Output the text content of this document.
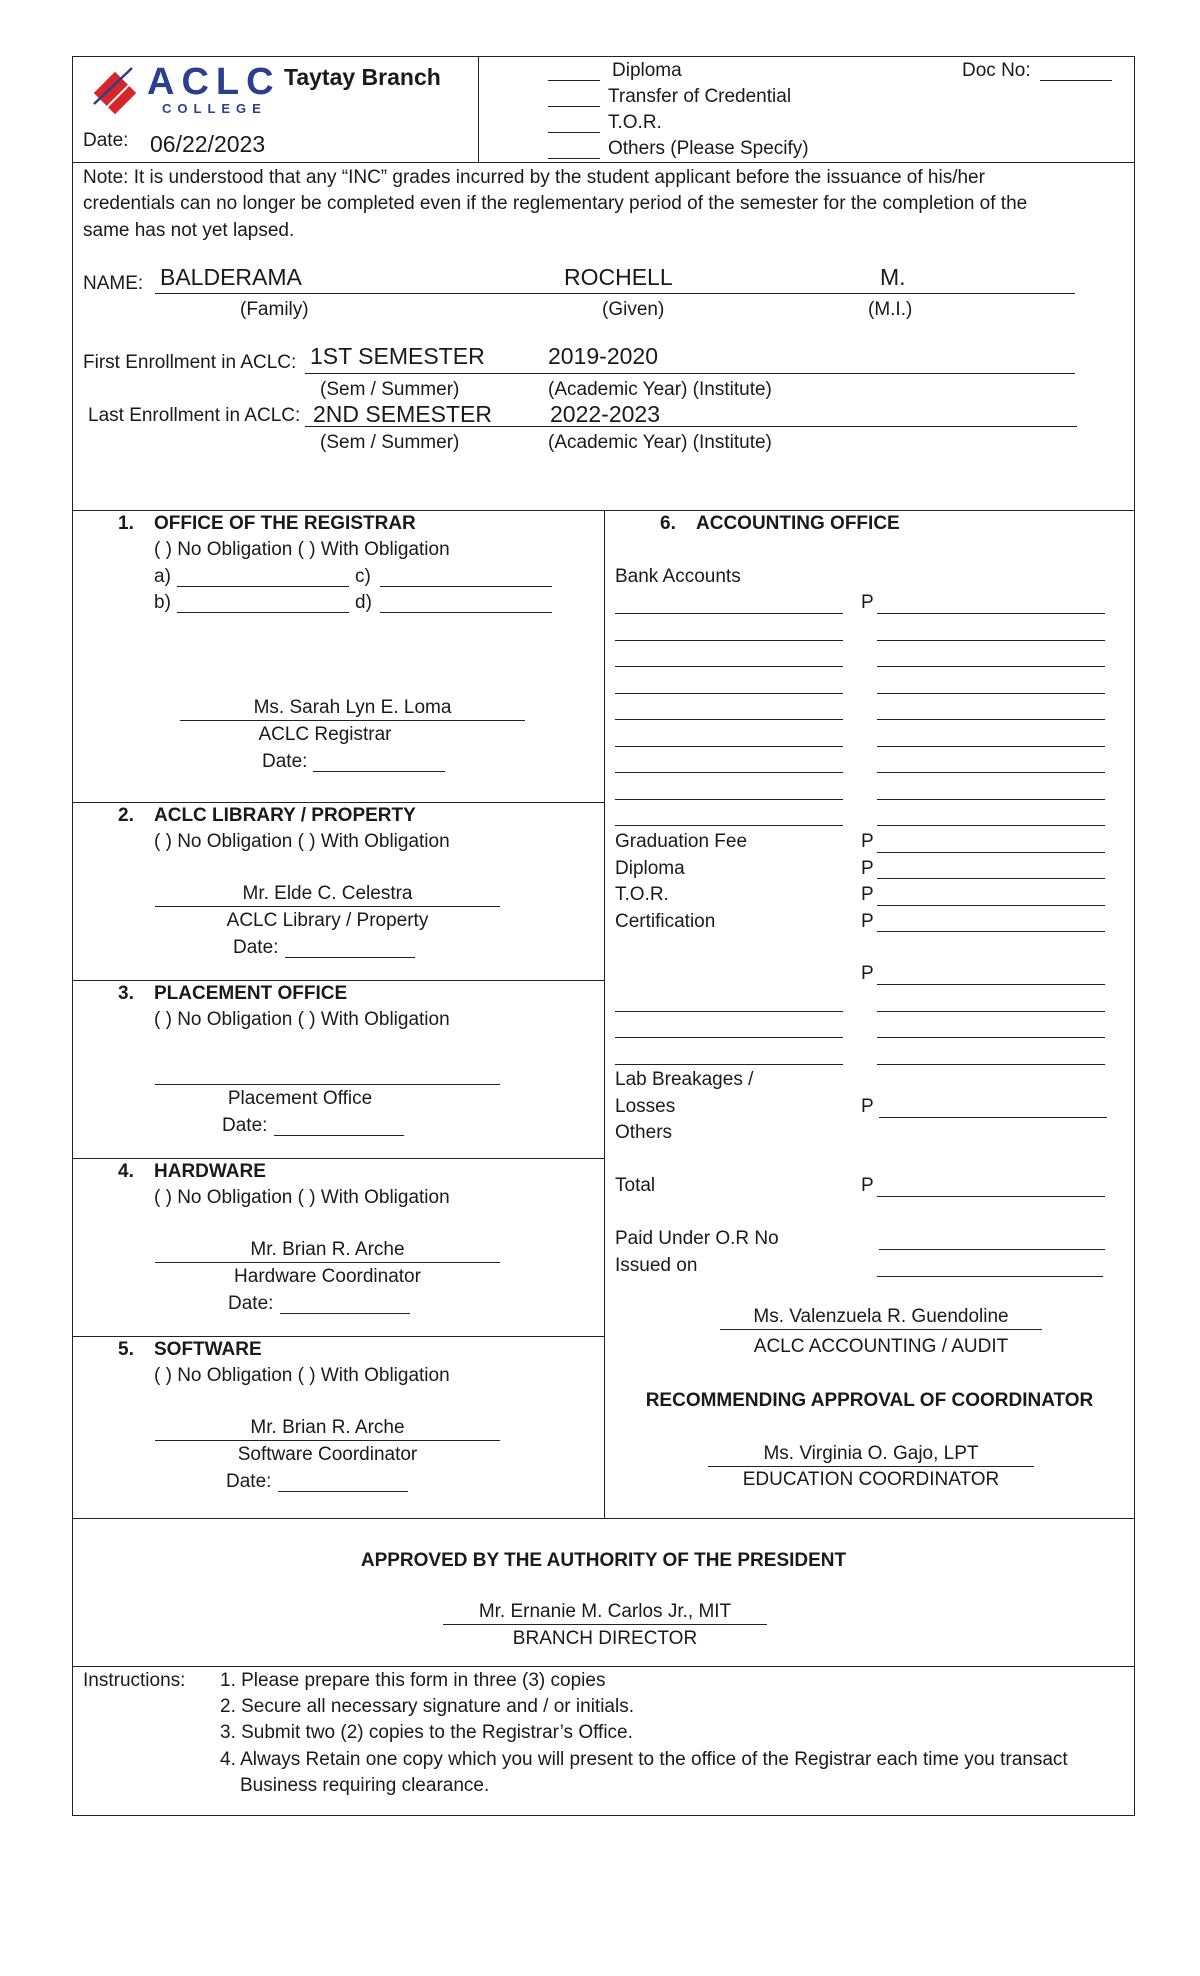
ACLC
COLLEGE
Taytay Branch
Date: 06/22/2023
Diploma
Transfer of Credential
T.O.R.
Others (Please Specify)
Doc No:
Note: It is understood that any “INC” grades incurred by the student applicant before the issuance of his/her
credentials can no longer be completed even if the reglementary period of the semester for the completion of the
same has not yet lapsed.
NAME: BALDERAMA	ROCHELL	M.
(Family)	(Given)	(M.I.)
First Enrollment in ACLC: 1ST SEMESTER	2019-2020
(Sem / Summer)	(Academic Year) (Institute)
Last Enrollment in ACLC: 2ND SEMESTER	2022-2023
(Sem / Summer)	(Academic Year) (Institute)
1. OFFICE OF THE REGISTRAR
( ) No Obligation ( ) With Obligation
a)	c)
b)	d)
Ms. Sarah Lyn E. Loma
ACLC Registrar
Date:
2. ACLC LIBRARY / PROPERTY
( ) No Obligation ( ) With Obligation
Mr. Elde C. Celestra
ACLC Library / Property
Date:
3. PLACEMENT OFFICE
( ) No Obligation ( ) With Obligation
Placement Office
Date:
4. HARDWARE
( ) No Obligation ( ) With Obligation
Mr. Brian R. Arche
Hardware Coordinator
Date:
5. SOFTWARE
( ) No Obligation ( ) With Obligation
Mr. Brian R. Arche
Software Coordinator
Date:
6. ACCOUNTING OFFICE
Bank Accounts
P
Graduation Fee	P
Diploma	P
T.O.R.	P
Certification	P
P
Lab Breakages /
Losses	P
Others
Total	P
Paid Under O.R No
Issued on
Ms. Valenzuela R. Guendoline
ACLC ACCOUNTING / AUDIT
RECOMMENDING APPROVAL OF COORDINATOR
Ms. Virginia O. Gajo, LPT
EDUCATION COORDINATOR
APPROVED BY THE AUTHORITY OF THE PRESIDENT
Mr. Ernanie M. Carlos Jr., MIT
BRANCH DIRECTOR
Instructions: 1. Please prepare this form in three (3) copies
2. Secure all necessary signature and / or initials.
3. Submit two (2) copies to the Registrar’s Office.
4. Always Retain one copy which you will present to the office of the Registrar each time you transact
Business requiring clearance.
